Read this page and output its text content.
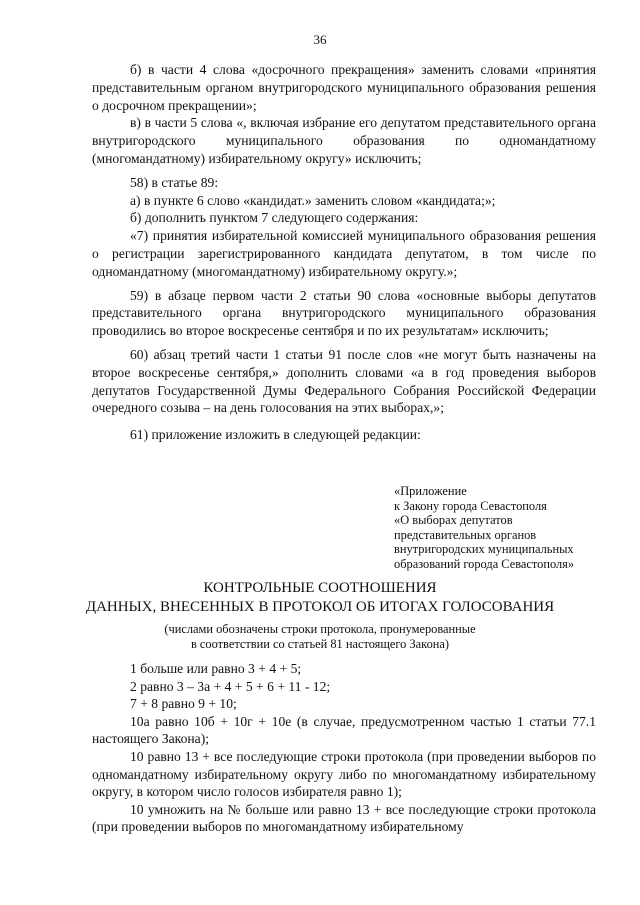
36

б) в части 4 слова «досрочного прекращения» заменить словами «принятия представительным органом внутригородского муниципального образования решения о досрочном прекращении»;

в) в части 5 слова «, включая избрание его депутатом представительного органа внутригородского муниципального образования по одномандатному (многомандатному) избирательному округу» исключить;

58) в статье 89:

а) в пункте 6 слово «кандидат.» заменить словом «кандидата;»;

б) дополнить пунктом 7 следующего содержания:

«7) принятия избирательной комиссией муниципального образования решения о регистрации зарегистрированного кандидата депутатом, в том числе по одномандатному (многомандатному) избирательному округу.»;

59) в абзаце первом части 2 статьи 90 слова «основные выборы депутатов представительного органа внутригородского муниципального образования проводились во второе воскресенье сентября и по их результатам» исключить;

60) абзац третий части 1 статьи 91 после слов «не могут быть назначены на второе воскресенье сентября,» дополнить словами «а в год проведения выборов депутатов Государственной Думы Федерального Собрания Российской Федерации очередного созыва – на день голосования на этих выборах,»;

61) приложение изложить в следующей редакции:

«Приложение
к Закону города Севастополя
«О выборах депутатов
представительных органов
внутригородских муниципальных
образований города Севастополя»
КОНТРОЛЬНЫЕ СООТНОШЕНИЯ
ДАННЫХ, ВНЕСЕННЫХ В ПРОТОКОЛ ОБ ИТОГАХ ГОЛОСОВАНИЯ
(числами обозначены строки протокола, пронумерованные
в соответствии со статьей 81 настоящего Закона)

1 больше или равно 3 + 4 + 5;

2 равно 3 – 3а + 4 + 5 + 6 + 11 - 12;

7 + 8 равно 9 + 10;

10а равно 10б + 10г + 10е (в случае, предусмотренном частью 1 статьи 77.1 настоящего Закона);

10 равно 13 + все последующие строки протокола (при проведении выборов по одномандатному избирательному округу либо по многомандатному избирательному округу, в котором число голосов избирателя равно 1);

10 умножить на № больше или равно 13 + все последующие строки протокола (при проведении выборов по многомандатному избирательному
